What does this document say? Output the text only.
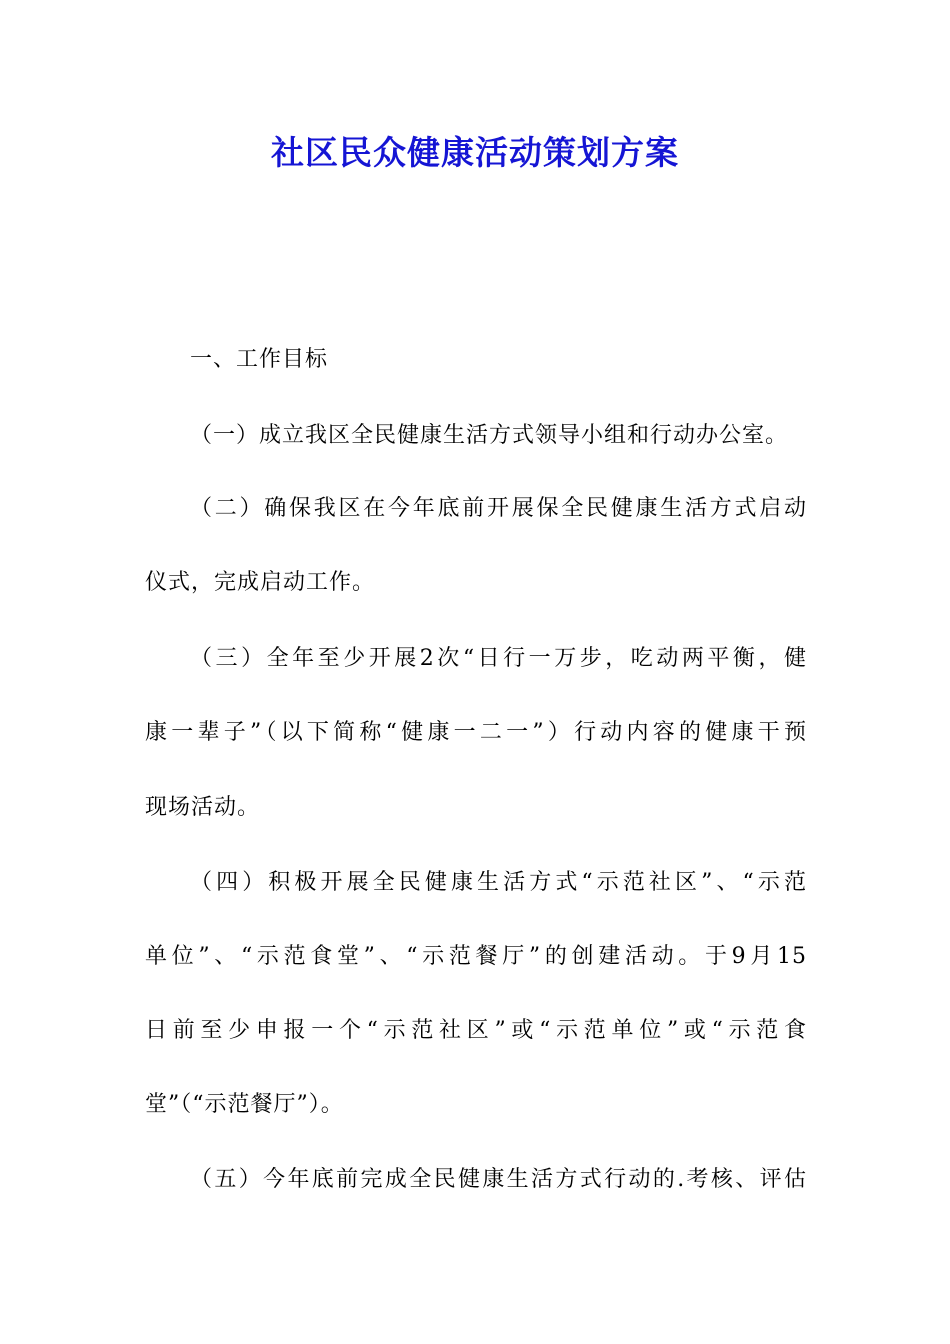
社区民众健康活动策划方案
一、工作目标
（一）成立我区全民健康生活方式领导小组和行动办公室。
（二）确保我区在今年底前开展保全民健康生活方式启动
仪式，完成启动工作。
（三）全年至少开展2次“日行一万步，吃动两平衡，健
康一辈子”（以下简称“健康一二一”）行动内容的健康干预
现场活动。
（四）积极开展全民健康生活方式“示范社区”、“示范
单位”、“示范食堂”、“示范餐厅”的创建活动。于9月15
日前至少申报一个“示范社区”或“示范单位”或“示范食
堂”（“示范餐厅”）。
（五）今年底前完成全民健康生活方式行动的.考核、评估
